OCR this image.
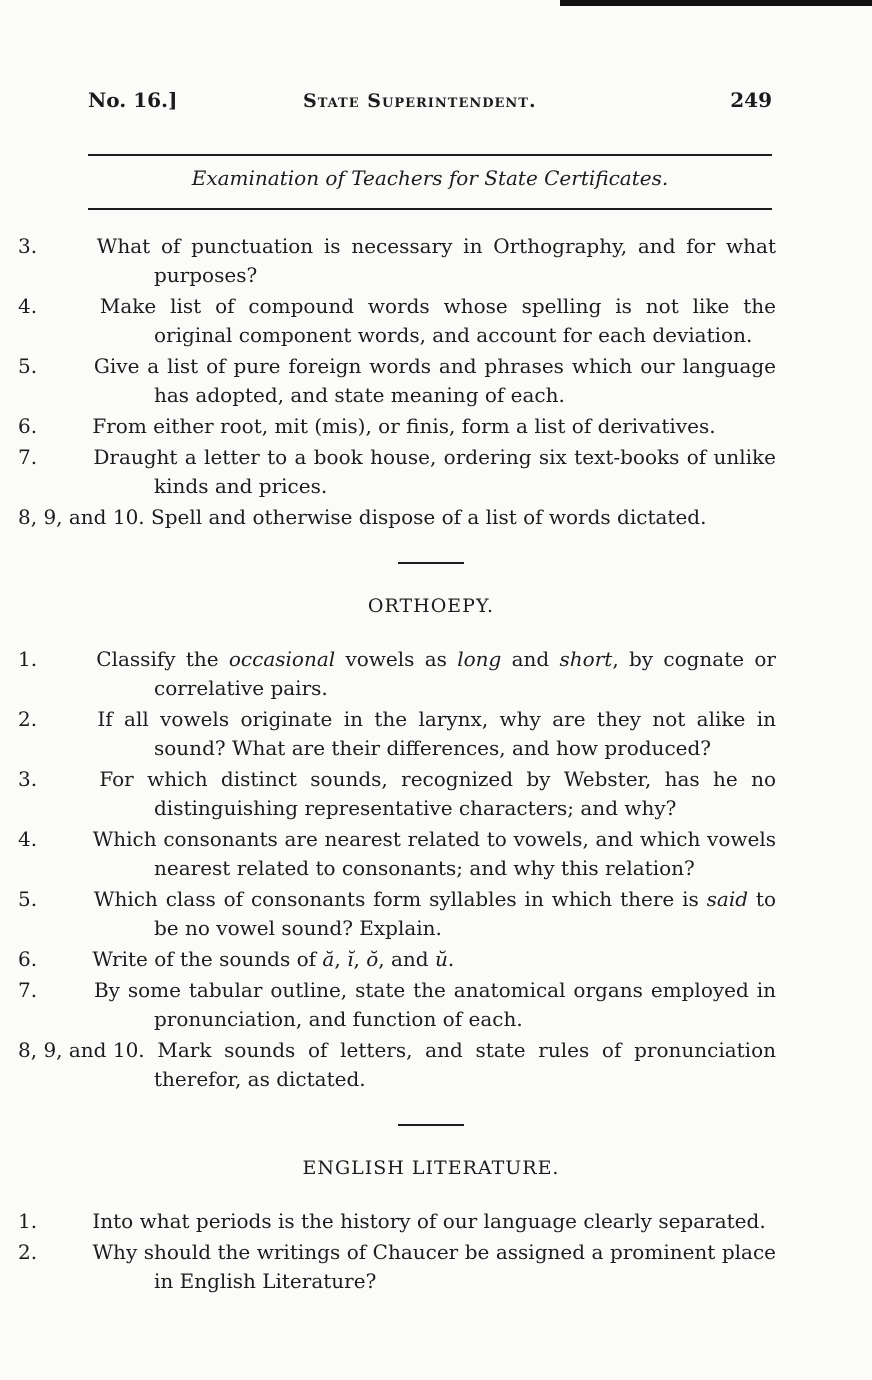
No. 16.]	State Superintendent.	249
Examination of Teachers for State Certificates.

3.	What of punctuation is necessary in Orthography, and for what purposes?

4.	Make list of compound words whose spelling is not like the original component words, and account for each deviation.

5.	Give a list of pure foreign words and phrases which our language has adopted, and state meaning of each.

6.	From either root, mit (mis), or finis, form a list of derivatives.

7.	Draught a letter to a book house, ordering six text-books of unlike kinds and prices.

8, 9, and 10. Spell and otherwise dispose of a list of words dictated.

ORTHOEPY.

1.	Classify the occasional vowels as long and short, by cognate or correlative pairs.

2.	If all vowels originate in the larynx, why are they not alike in sound? What are their differences, and how produced?

3.	For which distinct sounds, recognized by Webster, has he no distinguishing representative characters; and why?

4.	Which consonants are nearest related to vowels, and which vowels nearest related to consonants; and why this relation?

5.	Which class of consonants form syllables in which there is said to be no vowel sound? Explain.

6.	Write of the sounds of ă, ĭ, ŏ, and ŭ.

7.	By some tabular outline, state the anatomical organs employed in pronunciation, and function of each.

8, 9, and 10. Mark sounds of letters, and state rules of pronunciation therefor, as dictated.

ENGLISH LITERATURE.

1.	Into what periods is the history of our language clearly separated.

2.	Why should the writings of Chaucer be assigned a prominent place in English Literature?
